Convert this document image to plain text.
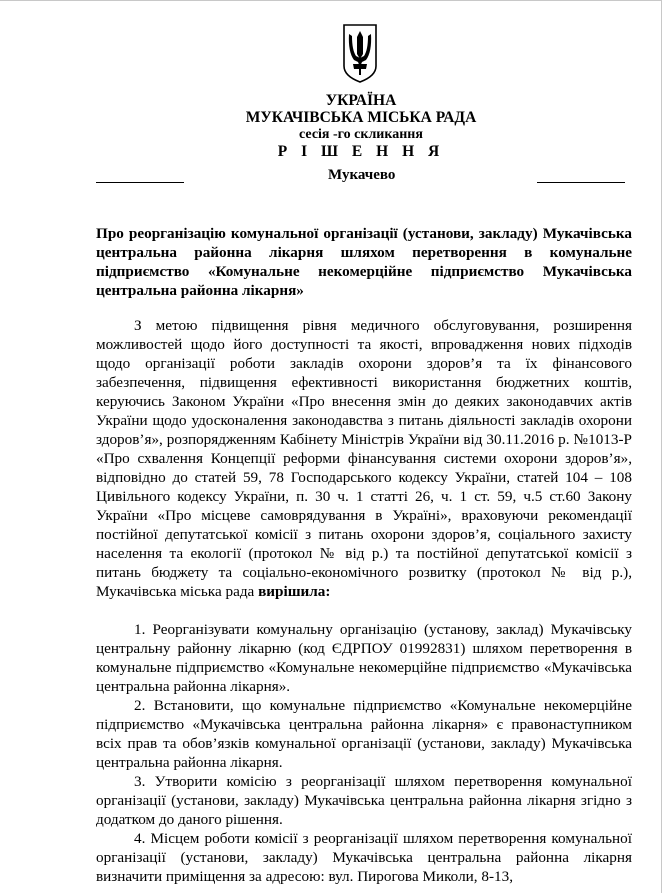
УКРАЇНА
МУКАЧІВСЬКА МІСЬКА РАДА
сесія -го скликання
Р І Ш Е Н Н Я
Мукачево
Про реорганізацію комунальної організації (установи, закладу) Мукачівська центральна районна лікарня шляхом перетворення в комунальне підприємство «Комунальне некомерційне підприємство Мукачівська центральна районна лікарня»

З метою підвищення рівня медичного обслуговування, розширення можливостей щодо його доступності та якості, впровадження нових підходів щодо організації роботи закладів охорони здоров’я та їх фінансового забезпечення, підвищення ефективності використання бюджетних коштів, керуючись Законом України «Про внесення змін до деяких законодавчих актів України щодо удосконалення законодавства з питань діяльності закладів охорони здоров’я», розпорядженням Кабінету Міністрів України від 30.11.2016 р. №1013-Р «Про схвалення Концепції реформи фінансування системи охорони здоров’я», відповідно до статей 59, 78 Господарського кодексу України, статей 104 – 108 Цивільного кодексу України, п. 30 ч. 1 статті 26, ч. 1 ст. 59, ч.5 ст.60 Закону України «Про місцеве самоврядування в Україні», враховуючи рекомендації постійної депутатської комісії з питань охорони здоров’я, соціального захисту населення та екології (протокол № від р.) та постійної депутатської комісії з питань бюджету та соціально-економічного розвитку (протокол № від р.), Мукачівська міська рада вирішила:

1. Реорганізувати комунальну організацію (установу, заклад) Мукачівську центральну районну лікарню (код ЄДРПОУ 01992831) шляхом перетворення в комунальне підприємство «Комунальне некомерційне підприємство «Мукачівська центральна районна лікарня».

2. Встановити, що комунальне підприємство «Комунальне некомерційне підприємство «Мукачівська центральна районна лікарня» є правонаступником всіх прав та обов’язків комунальної організації (установи, закладу) Мукачівська центральна районна лікарня.

3. Утворити комісію з реорганізації шляхом перетворення комунальної організації (установи, закладу) Мукачівська центральна районна лікарня згідно з додатком до даного рішення.

4. Місцем роботи комісії з реорганізації шляхом перетворення комунальної організації (установи, закладу) Мукачівська центральна районна лікарня визначити приміщення за адресою: вул. Пирогова Миколи, 8-13,
